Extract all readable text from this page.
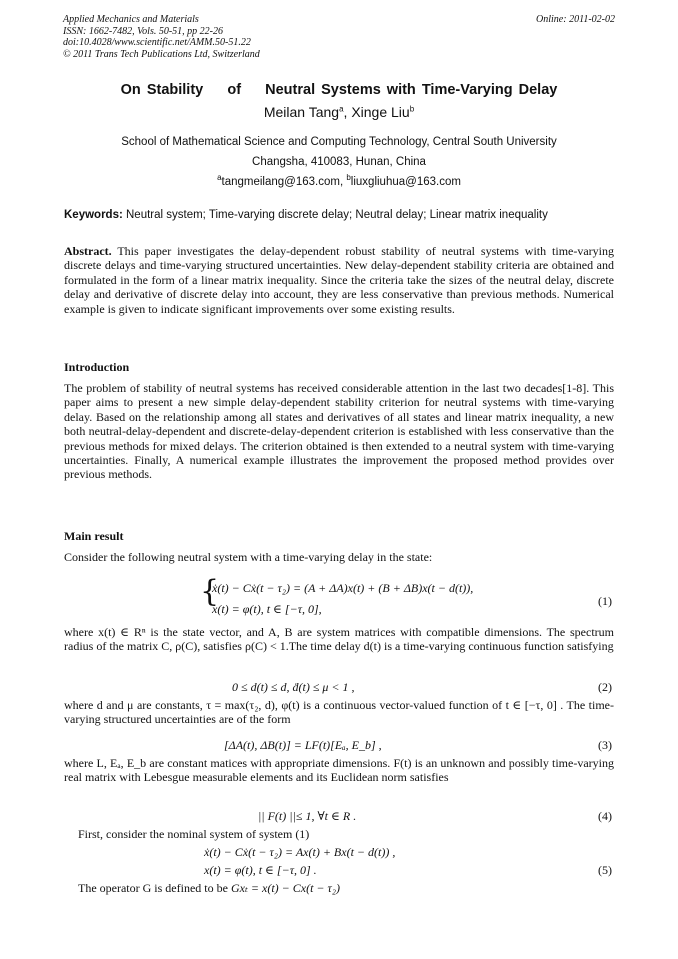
Applied Mechanics and Materials
ISSN: 1662-7482, Vols. 50-51, pp 22-26
doi:10.4028/www.scientific.net/AMM.50-51.22
© 2011 Trans Tech Publications Ltd, Switzerland
Online: 2011-02-02
On Stability    of    Neutral Systems with Time-Varying Delay
Meilan Tang$^a$, Xinge Liu$^b$
School of Mathematical Science and Computing Technology, Central South University
Changsha, 410083, Hunan, China
$^a$tangmeilang@163.com, $^b$liuxgliuhua@163.com
Keywords: Neutral system; Time-varying discrete delay; Neutral delay; Linear matrix inequality
Abstract. This paper investigates the delay-dependent robust stability of neutral systems with time-varying discrete delays and time-varying structured uncertainties. New delay-dependent stability criteria are obtained and formulated in the form of a linear matrix inequality. Since the criteria take the sizes of the neutral delay, discrete delay and derivative of discrete delay into account, they are less conservative than previous methods. Numerical example is given to indicate significant improvements over some existing results.
Introduction
The problem of stability of neutral systems has received considerable attention in the last two decades[1-8]. This paper aims to present a new simple delay-dependent stability criterion for neutral systems with time-varying delay. Based on the relationship among all states and derivatives of all states and linear matrix inequality, a new both neutral-delay-dependent and discrete-delay-dependent criterion is established with less conservative than the previous methods for mixed delays. The criterion obtained is then extended to a neutral system with time-varying uncertainties. Finally, A numerical example illustrates the improvement the proposed method provides over previous methods.
Main result
Consider the following neutral system with a time-varying delay in the state:
{
ẋ(t) − Cẋ(t − τ₂) = (A + ΔA)x(t) + (B + ΔB)x(t − d(t)),
x(t) = φ(t), t ∈ [−τ, 0],
(1)
where x(t) ∈ Rⁿ is the state vector, and A, B are system matrices with compatible dimensions. The spectrum radius of the matrix C, ρ(C), satisfies ρ(C) < 1.The time delay d(t) is a time-varying continuous function satisfying
0 ≤ d(t) ≤ d, ḋ(t) ≤ μ < 1 ,	(2)
where d and μ are constants, τ = max(τ₂, d), φ(t) is a continuous vector-valued function of t ∈ [−τ, 0] . The time-varying structured uncertainties are of the form
[ΔA(t), ΔB(t)] = LF(t)[Eₐ, E_b] ,	(3)
where L, Eₐ, E_b are constant matices with appropriate dimensions. F(t) is an unknown and possibly time-varying real matrix with Lebesgue measurable elements and its Euclidean norm satisfies
|| F(t) ||≤ 1, ∀t ∈ R .	(4)
First, consider the nominal system of system (1)
ẋ(t) − Cẋ(t − τ₂) = Ax(t) + Bx(t − d(t)) ,
x(t) = φ(t), t ∈ [−τ, 0] .	(5)
The operator G is defined to be Gxₜ = x(t) − Cx(t − τ₂)
